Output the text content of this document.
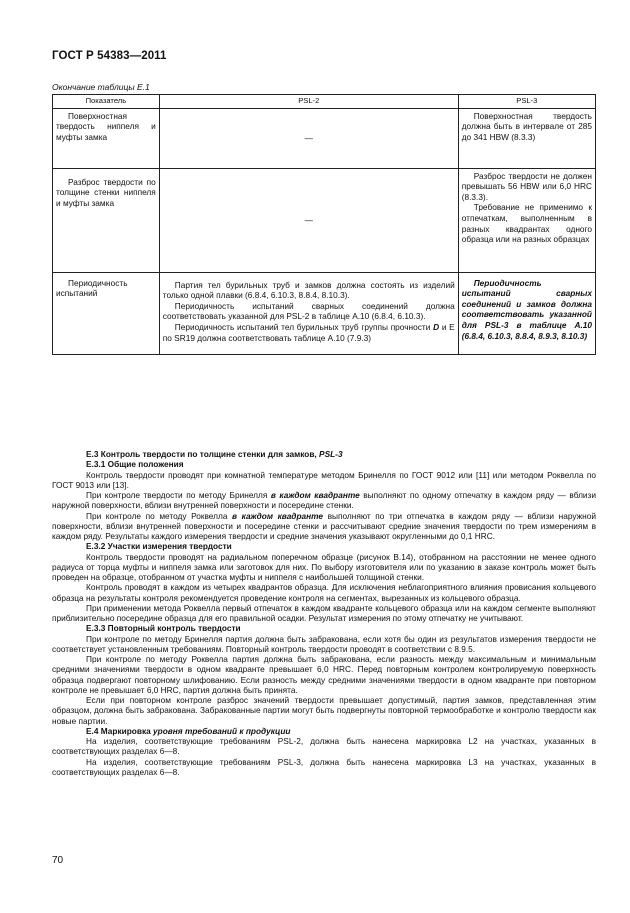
ГОСТ Р 54383—2011
Окончание таблицы Е.1
Показатель	PSL-2	PSL-3
Поверхностная твердость ниппеля и муфты замка	—	Поверхностная твердость должна быть в интервале от 285 до 341 HBW (8.3.3)
Разброс твердости по толщине стенки ниппеля и муфты замка	—	Разброс твердости не должен превышать 56 HBW или 6,0 HRC (8.3.3).
Требование не применимо к отпечаткам, выполненным в разных квадрантах одного образца или на разных образцах

Периодичность испытаний	Партия тел бурильных труб и замков должна состоять из изделий только одной плавки (6.8.4, 6.10.3, 8.8.4, 8.10.3).
Периодичность испытаний сварных соединений должна соответствовать указанной для PSL-2 в таблице А.10 (6.8.4, 6.10.3).
Периодичность испытаний тел бурильных труб группы прочности D и Е по SR19 должна соответствовать таблице А.10 (7.9.3)	Периодичность испытаний сварных соединений и замков должна соответствовать указанной для PSL-3 в таблице А.10 (6.8.4, 6.10.3, 8.8.4, 8.9.3, 8.10.3)

Е.3 Контроль твердости по толщине стенки для замков, PSL-3

Е.3.1 Общие положения

Контроль твердости проводят при комнатной температуре методом Бринелля по ГОСТ 9012 или [11] или методом Роквелла по ГОСТ 9013 или [13].

При контроле твердости по методу Бринелля в каждом квадранте выполняют по одному отпечатку в каждом ряду — вблизи наружной поверхности, вблизи внутренней поверхности и посередине стенки.

При контроле по методу Роквелла в каждом квадранте выполняют по три отпечатка в каждом ряду — вблизи наружной поверхности, вблизи внутренней поверхности и посередине стенки и рассчитывают средние значения твердости по трем измерениям в каждом ряду. Результаты каждого измерения твердости и средние значения указывают округленными до 0,1 HRC.

Е.3.2 Участки измерения твердости

Контроль твердости проводят на радиальном поперечном образце (рисунок В.14), отобранном на расстоянии не менее одного радиуса от торца муфты и ниппеля замка или заготовок для них. По выбору изготовителя или по указанию в заказе контроль может быть проведен на образце, отобранном от участка муфты и ниппеля с наибольшей толщиной стенки.

Контроль проводят в каждом из четырех квадрантов образца. Для исключения неблагоприятного влияния провисания кольцевого образца на результаты контроля рекомендуется проведение контроля на сегментах, вырезанных из кольцевого образца.

При применении метода Роквелла первый отпечаток в каждом квадранте кольцевого образца или на каждом сегменте выполняют приблизительно посередине образца для его правильной осадки. Результат измерения по этому отпечатку не учитывают.

Е.3.3 Повторный контроль твердости

При контроле по методу Бринелля партия должна быть забракована, если хотя бы один из результатов измерения твердости не соответствует установленным требованиям. Повторный контроль твердости проводят в соответствии с 8.9.5.

При контроле по методу Роквелла партия должна быть забракована, если разность между максимальным и минимальным средними значениями твердости в одном квадранте превышает 6,0 HRC. Перед повторным контролем контролируемую поверхность образца подвергают повторному шлифованию. Если разность между средними значениями твердости в одном квадранте при повторном контроле не превышает 6,0 HRC, партия должна быть принята.

Если при повторном контроле разброс значений твердости превышает допустимый, партия замков, представленная этим образцом, должна быть забракована. Забракованные партии могут быть подвергнуты повторной термообработке и контролю твердости как новые партии.

Е.4 Маркировка уровня требований к продукции

На изделия, соответствующие требованиям PSL-2, должна быть нанесена маркировка L2 на участках, указанных в соответствующих разделах 6—8.

На изделия, соответствующие требованиям PSL-3, должна быть нанесена маркировка L3 на участках, указанных в соответствующих разделах 6—8.

70
